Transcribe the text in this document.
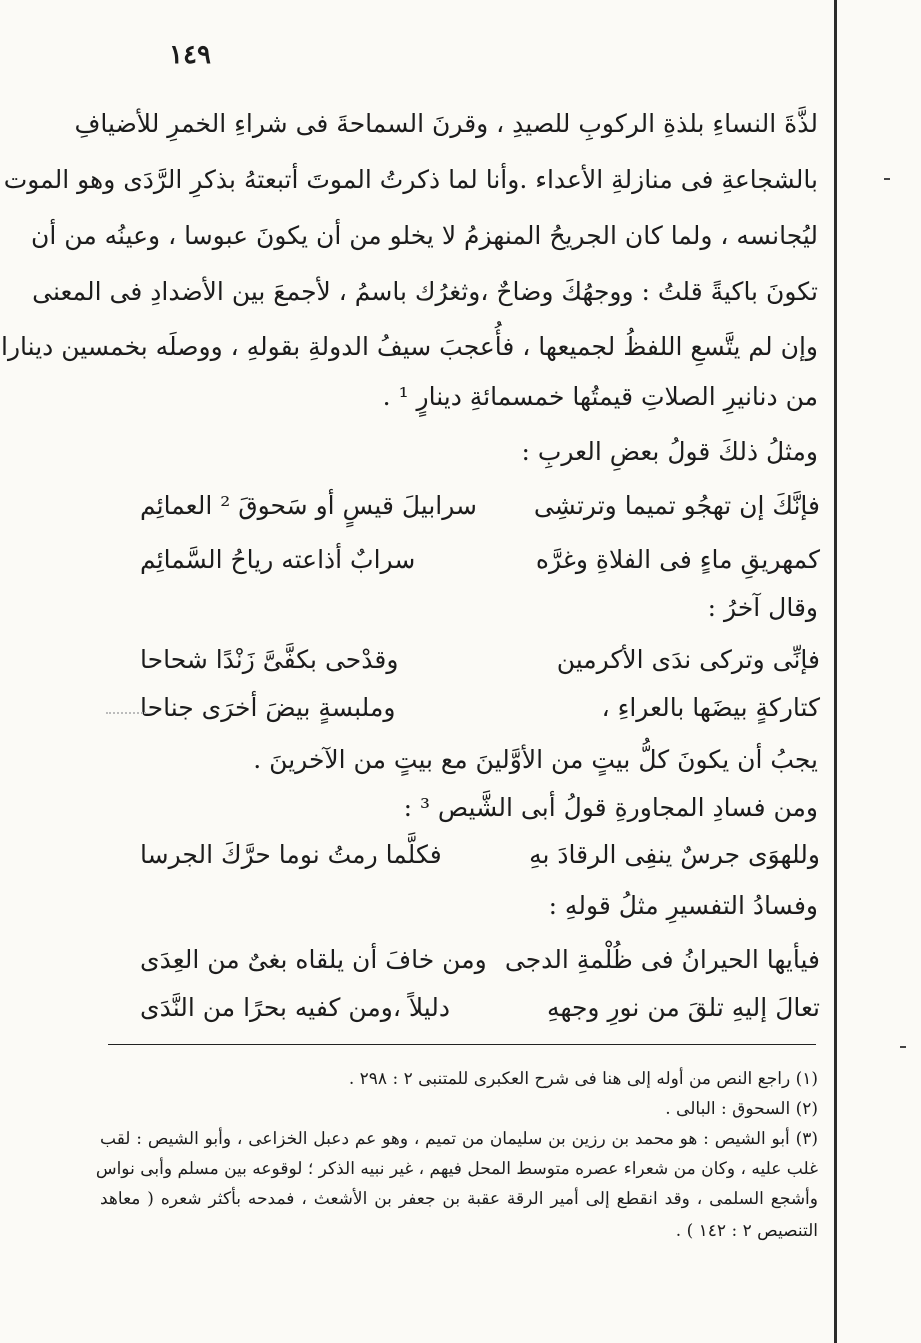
١٤٩
لذَّةَ النساءِ بلذةِ الركوبِ للصيدِ ، وقرنَ السماحةَ فى شراءِ الخمرِ للأضيافِ
بالشجاعةِ فى منازلةِ الأعداء .وأنا لما ذكرتُ الموتَ أتبعتهُ بذكرِ الرَّدَى وهو الموت
ليُجانسه ، ولما كان الجريحُ المنهزمُ لا يخلو من أن يكونَ عبوسا ، وعينُه من أن
تكونَ باكيةً قلتُ : ووجهُكَ وضاحٌ ،وثغرُك باسمُ ، لأجمعَ بين الأضدادِ فى المعنى
وإن لم يتَّسعِ اللفظُ لجميعها ، فأُعجبَ سيفُ الدولةِ بقولهِ ، ووصلَه بخمسين دينارا
من دنانيرِ الصلاتِ قيمتُها خمسمائةِ دينارٍ ¹ .
ومثلُ ذلكَ قولُ بعضِ العربِ :
فإنَّكَ إن تهجُو تميما وترتشِى
سرابيلَ قيسٍ أو سَحوقَ ² العمائِم
كمهريقِ ماءٍ فى الفلاةِ وغرَّه
سرابٌ أذاعته رياحُ السَّمائِم
وقال آخرُ :
فإنِّى وتركى ندَى الأكرمين
وقدْحى بكفَّىَّ زَنْدًا شحاحا
كتاركةٍ بيضَها بالعراءِ ،
وملبسةٍ بيضَ أخرَى جناحا
يجبُ أن يكونَ كلُّ بيتٍ من الأوَّلينَ مع بيتٍ من الآخرينَ .
ومن فسادِ المجاورةِ قولُ أبى الشَّيص ³ :
وللهوَى جرسٌ ينفِى الرقادَ بهِ
فكلَّما رمتُ نوما حرَّكَ الجرسا
وفسادُ التفسيرِ مثلُ قولهِ :
فيأيها الحيرانُ فى ظُلْمةِ الدجى
ومن خافَ أن يلقاه بغىٌ من العِدَى
تعالَ إليهِ تلقَ من نورِ وجههِ
دليلاً ،ومن كفيه بحرًا من النَّدَى
(١) راجع النص من أوله إلى هنا فى شرح العكبرى للمتنبى ٢ : ٢٩٨ .
(٢) السحوق : البالى .
(٣) أبو الشيص : هو محمد بن رزين بن سليمان من تميم ، وهو عم دعبل الخزاعى ، وأبو الشيص : لقب
غلب عليه ، وكان من شعراء عصره متوسط المحل فيهم ، غير نبيه الذكر ؛ لوقوعه بين مسلم وأبى نواس
وأشجع السلمى ، وقد انقطع إلى أمير الرقة عقبة بن جعفر بن الأشعث ، فمدحه بأكثر شعره ( معاهد
التنصيص ٢ : ١٤٢ ) .
